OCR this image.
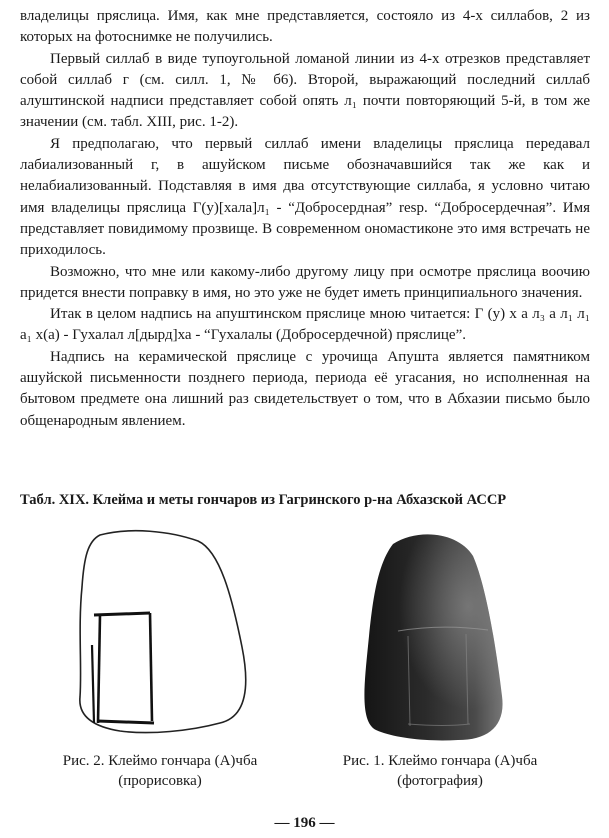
владелицы пряслица. Имя, как мне представляется, состояло из 4-х силлабов, 2 из которых на фотоснимке не получились.

Первый силлаб в виде тупоугольной ломаной линии из 4-х отрезков представляет собой силлаб г (см. силл. 1, № б6). Второй, выражающий последний силлаб алуштинской надписи представляет собой опять л₁ почти повторяющий 5-й, в том же значении (см. табл. XIII, рис. 1-2).

Я предполагаю, что первый силлаб имени владелицы пряслица передавал лабиализованный г, в ашуйском письме обозначавшийся так же как и нелабиализованный. Подставляя в имя два отсутствующие силлаба, я условно читаю имя владелицы пряслица Г(у)[хала]л₁ - “Добросердная” resp. “Добросердечная”. Имя представляет повидимому прозвище. В современном ономастиконе это имя встречать не приходилось.

Возможно, что мне или какому-либо другому лицу при осмотре пряслица воочию придется внести поправку в имя, но это уже не будет иметь принципиального значения.

Итак в целом надпись на апуштинском пряслице мною читается: Г (у) х а л₃ а л₁ л₁ а₁ х(а) - Гухалал л[дырд]ха - “Гухалалы (Добросердечной) пряслице”.

Надпись на керамической пряслице с урочища Апушта является памятником ашуйской письменности позднего периода, периода её угасания, но исполненная на бытовом предмете она лишний раз свидетельствует о том, что в Абхазии письмо было общенародным явлением.

Табл. XIX. Клейма и меты гончаров из Гагринского р-на Абхазской АССР
Рис. 2. Клеймо гончара (А)чба
(прорисовка)
Рис. 1. Клеймо гончара (А)чба
(фотография)
— 196 —
